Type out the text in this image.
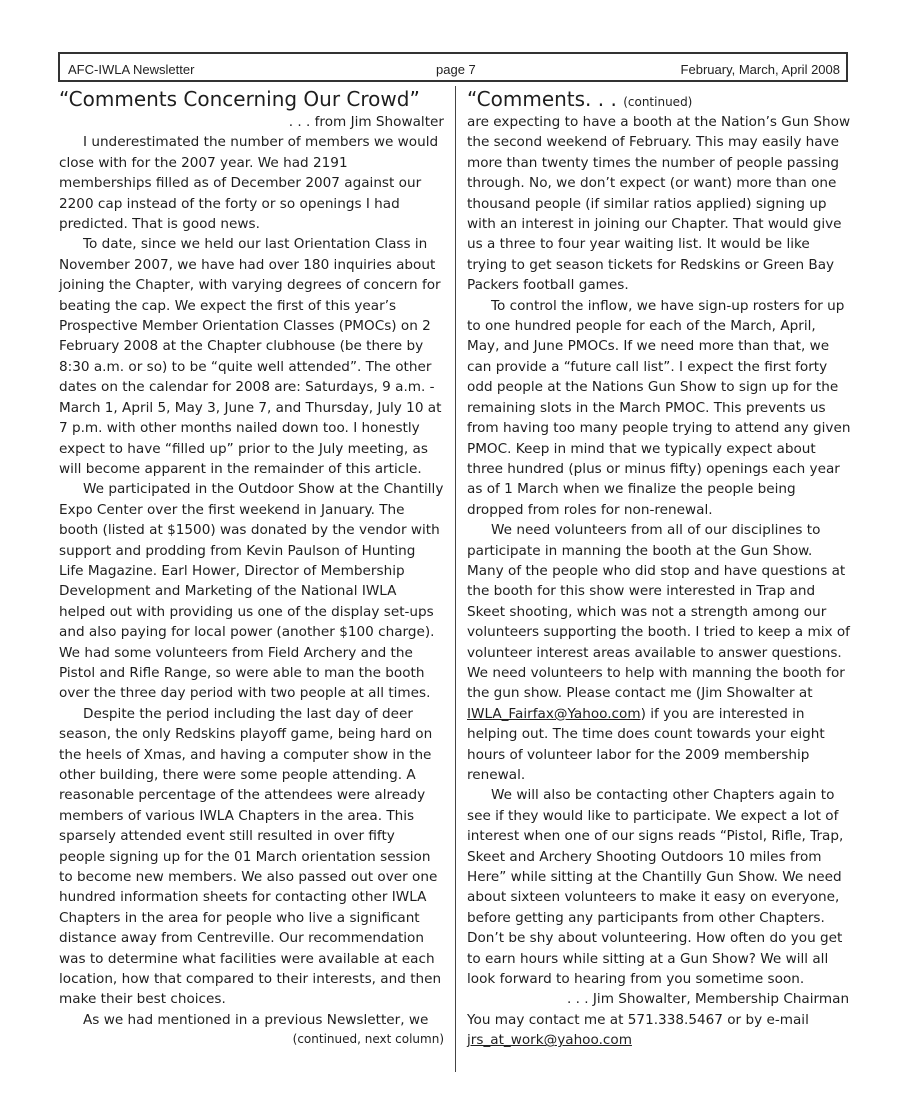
AFC-IWLA Newsletter	page 7	February, March, April 2008
“Comments Concerning Our Crowd”

. . . from Jim Showalter

I underestimated the number of members we would close with for the 2007 year. We had 2191 memberships filled as of December 2007 against our 2200 cap instead of the forty or so openings I had predicted. That is good news.

To date, since we held our last Orientation Class in November 2007, we have had over 180 inquiries about joining the Chapter, with varying degrees of concern for beating the cap. We expect the first of this year’s Prospective Member Orientation Classes (PMOCs) on 2 February 2008 at the Chapter clubhouse (be there by 8:30 a.m. or so) to be “quite well attended”. The other dates on the calendar for 2008 are: Saturdays, 9 a.m. - March 1, April 5, May 3, June 7, and Thursday, July 10 at 7 p.m. with other months nailed down too. I honestly expect to have “filled up” prior to the July meeting, as will become apparent in the remainder of this article.

We participated in the Outdoor Show at the Chantilly Expo Center over the first weekend in January. The booth (listed at $1500) was donated by the vendor with support and prodding from Kevin Paulson of Hunting Life Magazine. Earl Hower, Director of Membership Development and Marketing of the National IWLA helped out with providing us one of the display set-ups and also paying for local power (another $100 charge). We had some volunteers from Field Archery and the Pistol and Rifle Range, so were able to man the booth over the three day period with two people at all times.

Despite the period including the last day of deer season, the only Redskins playoff game, being hard on the heels of Xmas, and having a computer show in the other building, there were some people attending. A reasonable percentage of the attendees were already members of various IWLA Chapters in the area. This sparsely attended event still resulted in over fifty people signing up for the 01 March orientation session to become new members. We also passed out over one hundred information sheets for contacting other IWLA Chapters in the area for people who live a significant distance away from Centreville. Our recommendation was to determine what facilities were available at each location, how that compared to their interests, and then make their best choices.

As we had mentioned in a previous Newsletter, we

(continued, next column)

“Comments. . . (continued)

are expecting to have a booth at the Nation’s Gun Show the second weekend of February. This may easily have more than twenty times the number of people passing through. No, we don’t expect (or want) more than one thousand people (if similar ratios applied) signing up with an interest in joining our Chapter. That would give us a three to four year waiting list. It would be like trying to get season tickets for Redskins or Green Bay Packers football games.

To control the inflow, we have sign-up rosters for up to one hundred people for each of the March, April, May, and June PMOCs. If we need more than that, we can provide a “future call list”. I expect the first forty odd people at the Nations Gun Show to sign up for the remaining slots in the March PMOC. This prevents us from having too many people trying to attend any given PMOC. Keep in mind that we typically expect about three hundred (plus or minus fifty) openings each year as of 1 March when we finalize the people being dropped from roles for non-renewal.

We need volunteers from all of our disciplines to participate in manning the booth at the Gun Show. Many of the people who did stop and have questions at the booth for this show were interested in Trap and Skeet shooting, which was not a strength among our volunteers supporting the booth. I tried to keep a mix of volunteer interest areas available to answer questions. We need volunteers to help with manning the booth for the gun show. Please contact me (Jim Showalter at IWLA_Fairfax@Yahoo.com) if you are interested in helping out. The time does count towards your eight hours of volunteer labor for the 2009 membership renewal.

We will also be contacting other Chapters again to see if they would like to participate. We expect a lot of interest when one of our signs reads “Pistol, Rifle, Trap, Skeet and Archery Shooting Outdoors 10 miles from Here” while sitting at the Chantilly Gun Show. We need about sixteen volunteers to make it easy on everyone, before getting any participants from other Chapters. Don’t be shy about volunteering. How often do you get to earn hours while sitting at a Gun Show? We will all look forward to hearing from you sometime soon.

. . . Jim Showalter, Membership Chairman

You may contact me at 571.338.5467 or by e-mail

jrs_at_work@yahoo.com
